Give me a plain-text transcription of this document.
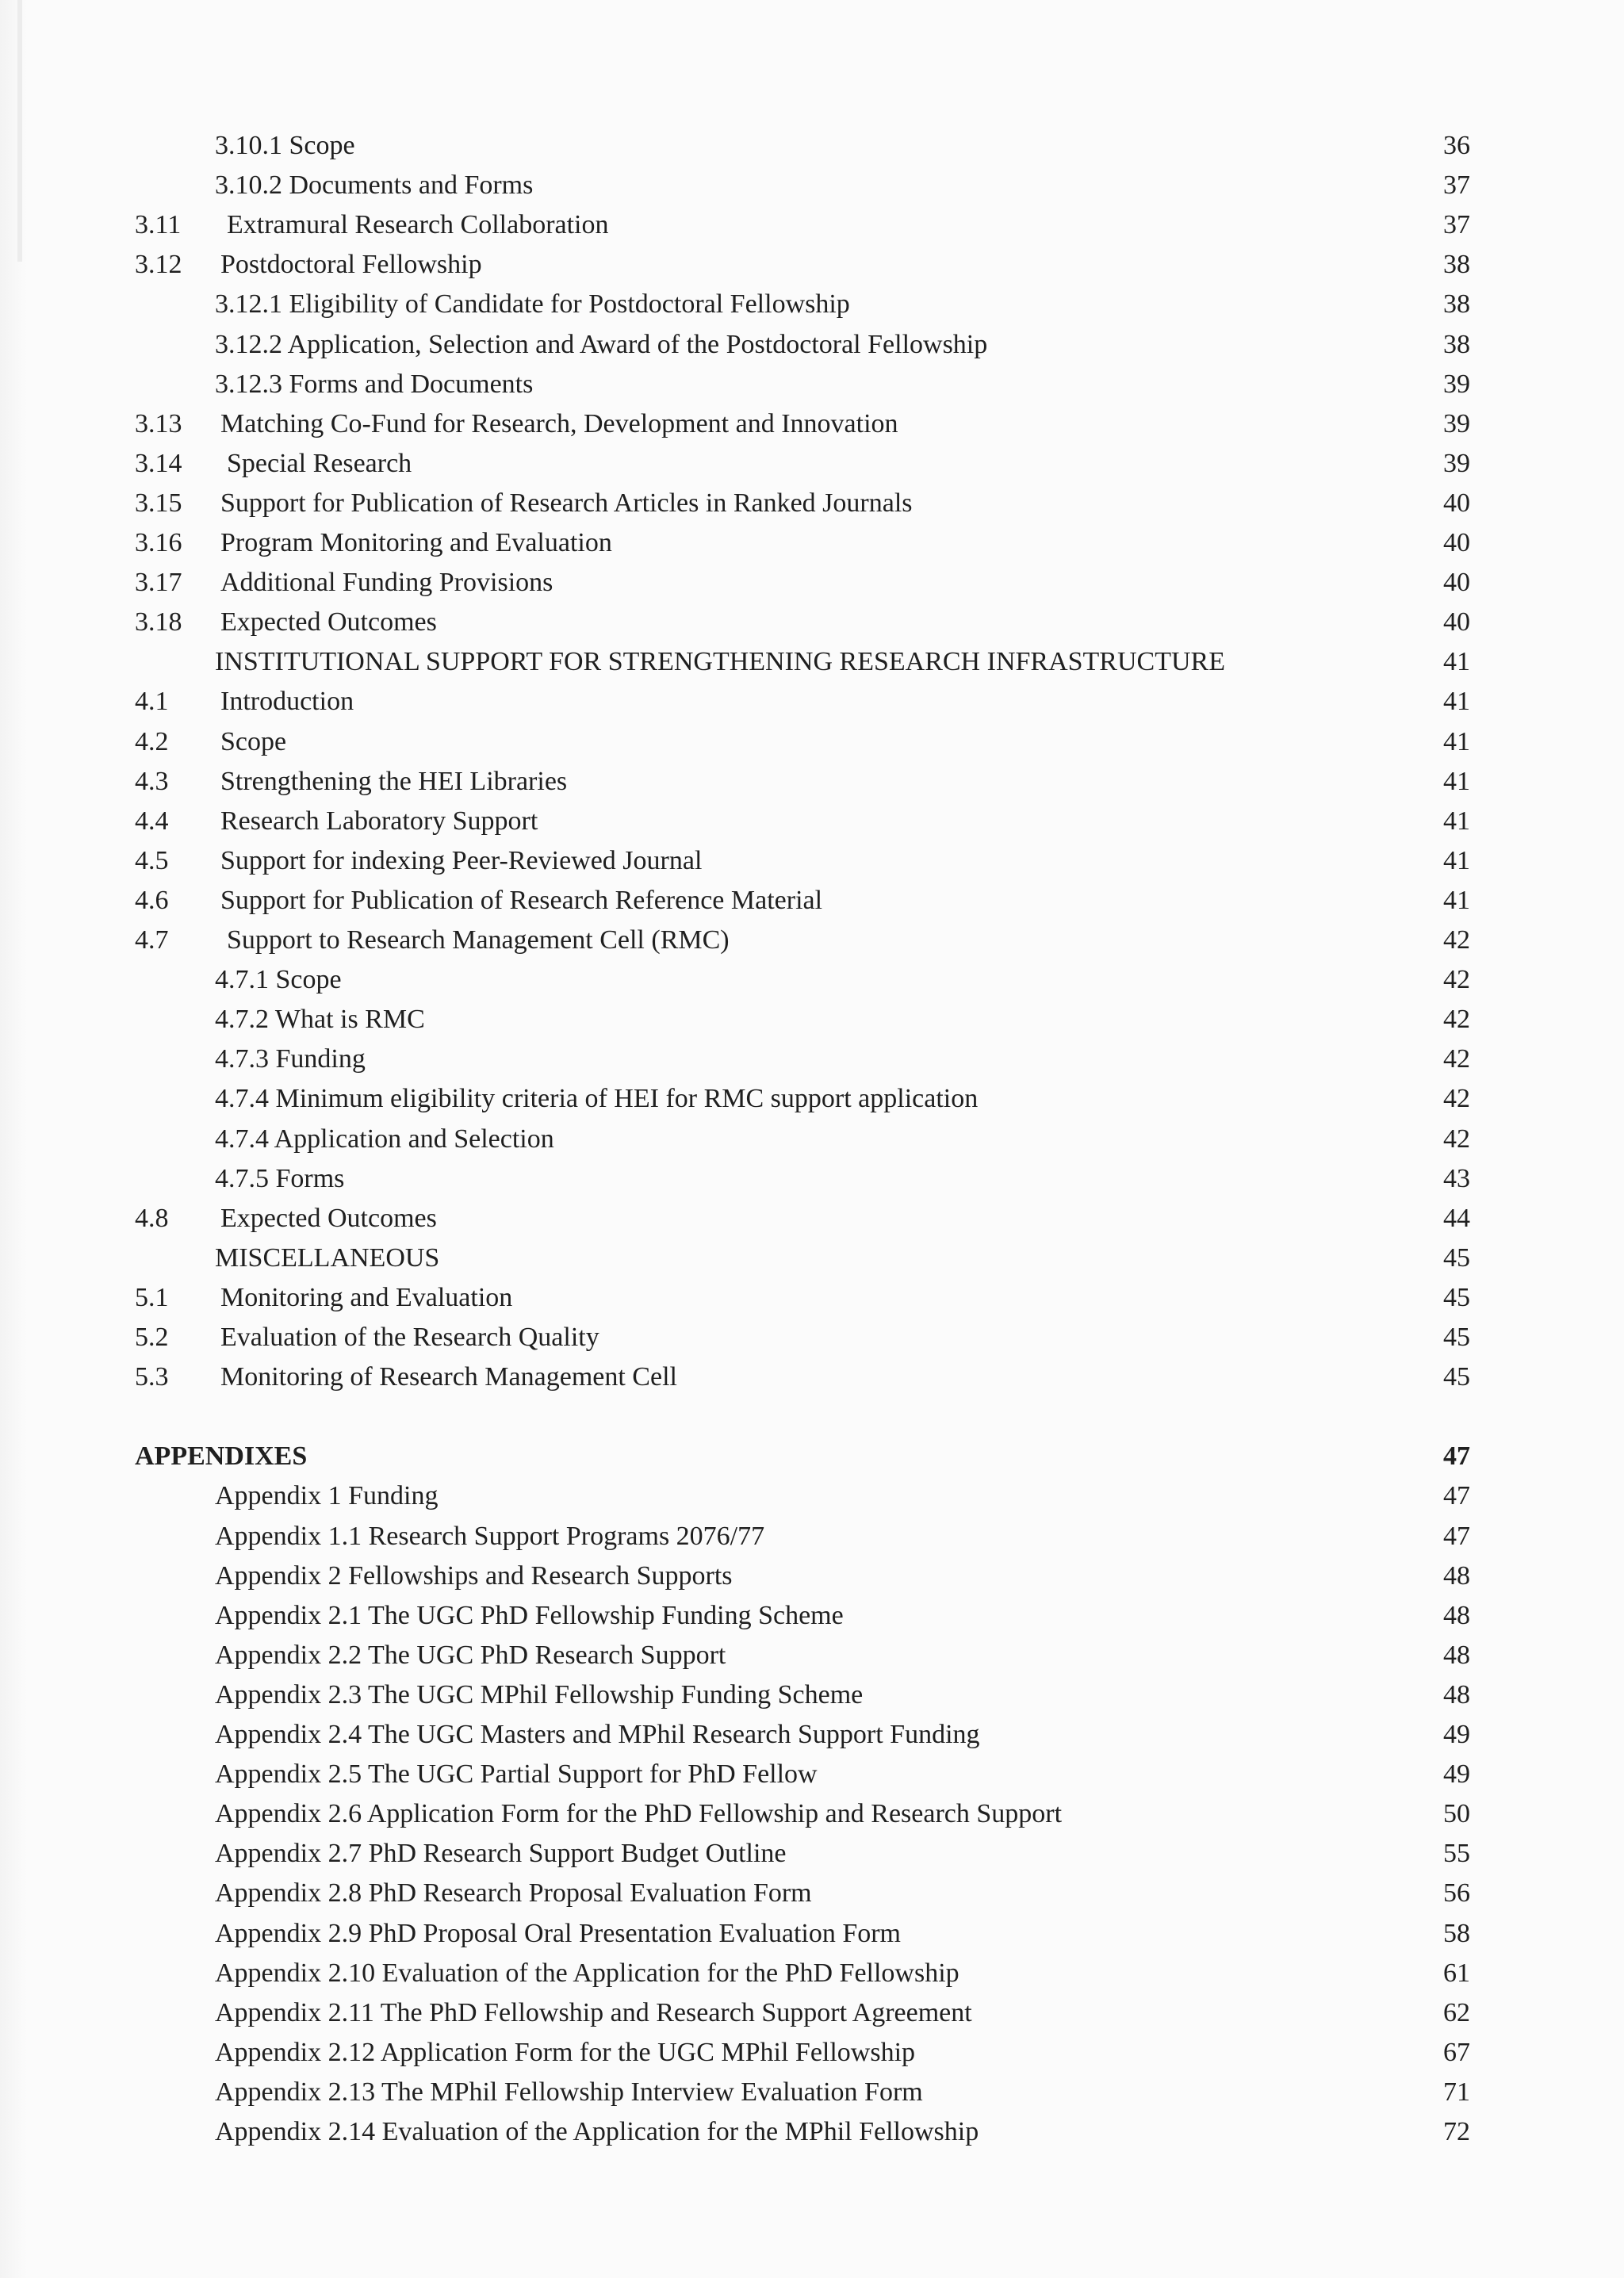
3.10.1 Scope	36
3.10.2 Documents and Forms	37
3.11 Extramural Research Collaboration	37
3.12 Postdoctoral Fellowship	38
3.12.1 Eligibility of Candidate for Postdoctoral Fellowship	38
3.12.2 Application, Selection and Award of the Postdoctoral Fellowship	38
3.12.3 Forms and Documents	39
3.13 Matching Co-Fund for Research, Development and Innovation	39
3.14 Special Research	39
3.15 Support for Publication of Research Articles in Ranked Journals	40
3.16 Program Monitoring and Evaluation	40
3.17 Additional Funding Provisions	40
3.18 Expected Outcomes	40
INSTITUTIONAL SUPPORT FOR STRENGTHENING RESEARCH INFRASTRUCTURE	41
4.1 Introduction	41
4.2 Scope	41
4.3 Strengthening the HEI Libraries	41
4.4 Research Laboratory Support	41
4.5 Support for indexing Peer-Reviewed Journal	41
4.6 Support for Publication of Research Reference Material	41
4.7 Support to Research Management Cell (RMC)	42
4.7.1 Scope	42
4.7.2 What is RMC	42
4.7.3 Funding	42
4.7.4 Minimum eligibility criteria of HEI for RMC support application	42
4.7.4 Application and Selection	42
4.7.5 Forms	43
4.8 Expected Outcomes	44
MISCELLANEOUS	45
5.1 Monitoring and Evaluation	45
5.2 Evaluation of the Research Quality	45
5.3 Monitoring of Research Management Cell	45
APPENDIXES	47
Appendix 1 Funding	47
Appendix 1.1 Research Support Programs 2076/77	47
Appendix 2 Fellowships and Research Supports	48
Appendix 2.1 The UGC PhD Fellowship Funding Scheme	48
Appendix 2.2 The UGC PhD Research Support	48
Appendix 2.3 The UGC MPhil Fellowship Funding Scheme	48
Appendix 2.4 The UGC Masters and MPhil Research Support Funding	49
Appendix 2.5 The UGC Partial Support for PhD Fellow	49
Appendix 2.6 Application Form for the PhD Fellowship and Research Support	50
Appendix 2.7 PhD Research Support Budget Outline	55
Appendix 2.8 PhD Research Proposal Evaluation Form	56
Appendix 2.9 PhD Proposal Oral Presentation Evaluation Form	58
Appendix 2.10 Evaluation of the Application for the PhD Fellowship	61
Appendix 2.11 The PhD Fellowship and Research Support Agreement	62
Appendix 2.12 Application Form for the UGC MPhil Fellowship	67
Appendix 2.13 The MPhil Fellowship Interview Evaluation Form	71
Appendix 2.14 Evaluation of the Application for the MPhil Fellowship	72
